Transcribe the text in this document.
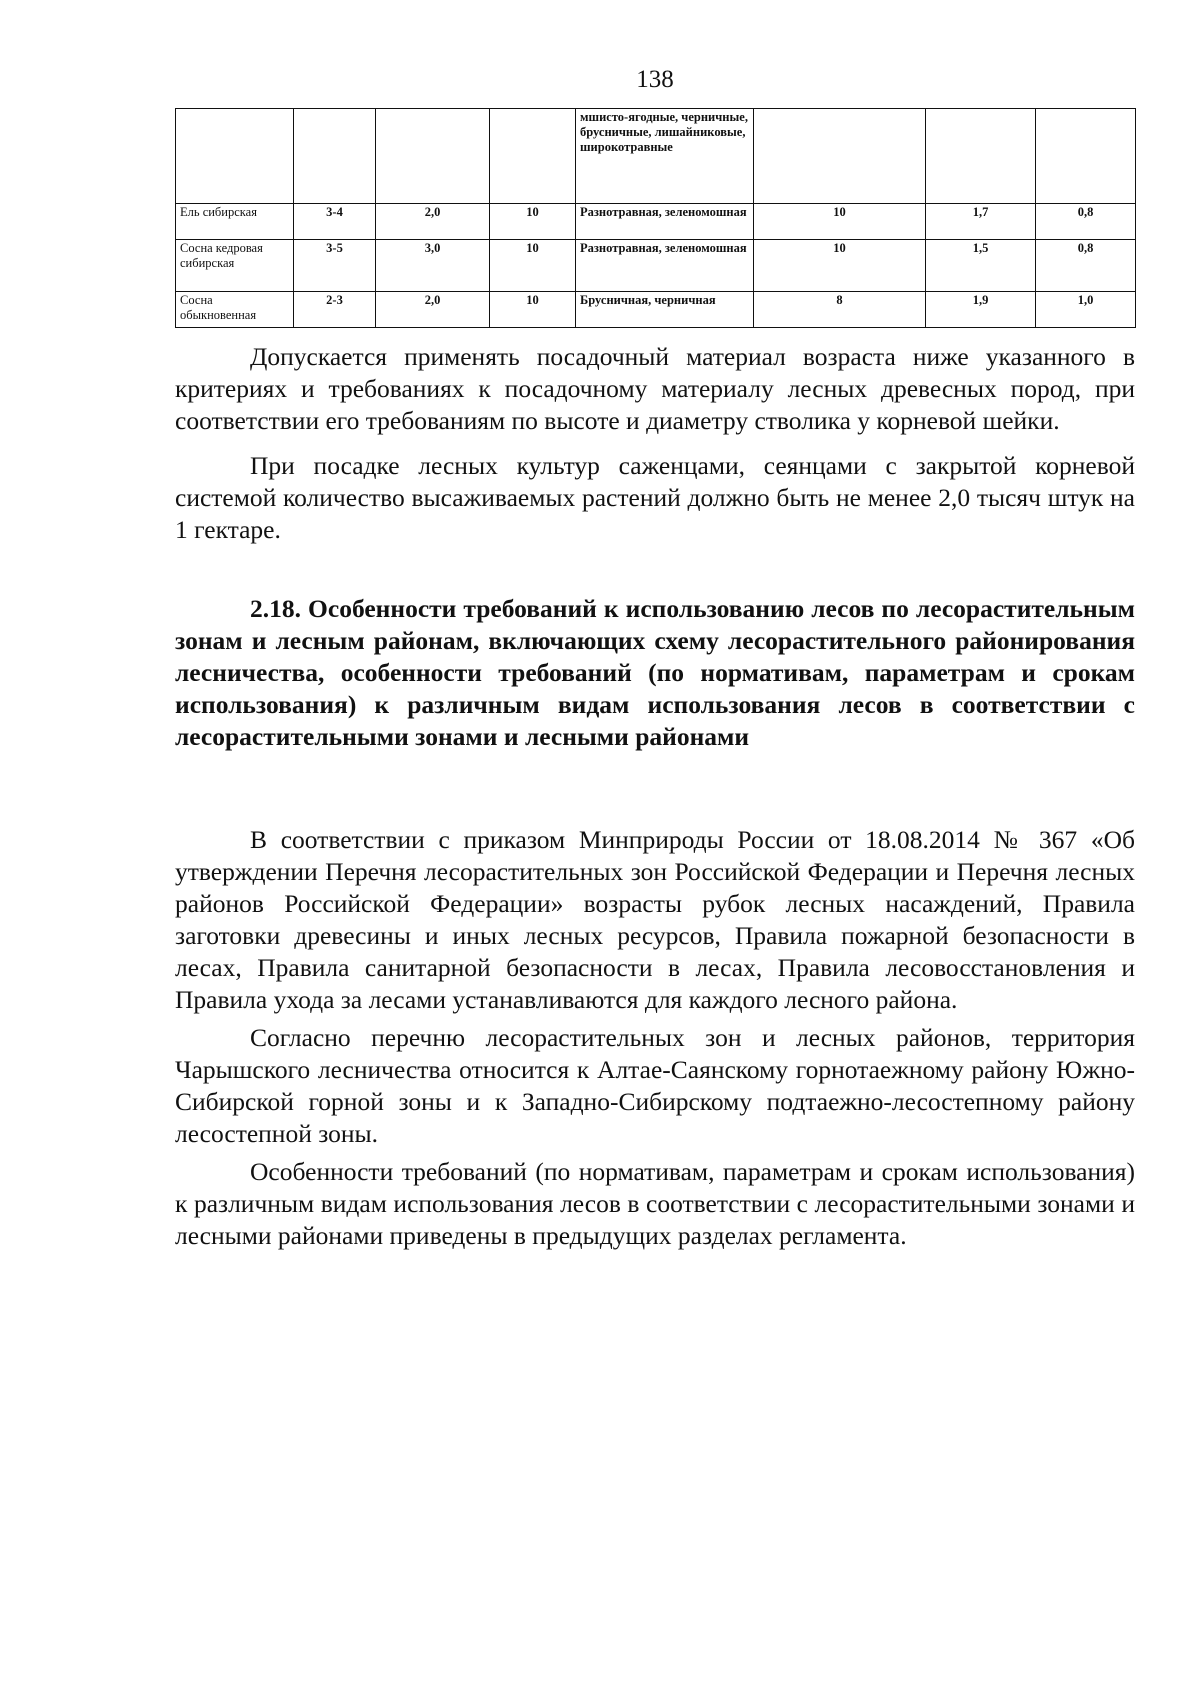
138
				мшисто-ягодные, черничные, брусничные, лишайниковые, широкотравные			
Ель сибирская	3-4	2,0	10	Разнотравная, зеленомошная	10	1,7	0,8
Сосна кедровая сибирская	3-5	3,0	10	Разнотравная, зеленомошная	10	1,5	0,8
Сосна обыкновенная	2-3	2,0	10	Брусничная, черничная	8	1,9	1,0

Допускается применять посадочный материал возраста ниже указанного в критериях и требованиях к посадочному материалу лесных древесных пород, при соответствии его требованиям по высоте и диаметру стволика у корневой шейки.

При посадке лесных культур саженцами, сеянцами с закрытой корневой системой количество высаживаемых растений должно быть не менее 2,0 тысяч штук на 1 гектаре.

2.18. Особенности требований к использованию лесов по лесорастительным зонам и лесным районам, включающих схему лесорастительного районирования лесничества, особенности требований (по нормативам, параметрам и срокам использования) к различным видам использования лесов в соответствии с лесорастительными зонами и лесными районами

В соответствии с приказом Минприроды России от 18.08.2014 № 367 «Об утверждении Перечня лесорастительных зон Российской Федерации и Перечня лесных районов Российской Федерации» возрасты рубок лесных насаждений, Правила заготовки древесины и иных лесных ресурсов, Правила пожарной безопасности в лесах, Правила санитарной безопасности в лесах, Правила лесовосстановления и Правила ухода за лесами устанавливаются для каждого лесного района.

Согласно перечню лесорастительных зон и лесных районов, территория Чарышского лесничества относится к Алтае-Саянскому горнотаежному району Южно-Сибирской горной зоны и к Западно-Сибирскому подтаежно-лесостепному району лесостепной зоны.

Особенности требований (по нормативам, параметрам и срокам использования) к различным видам использования лесов в соответствии с лесорастительными зонами и лесными районами приведены в предыдущих разделах регламента.
